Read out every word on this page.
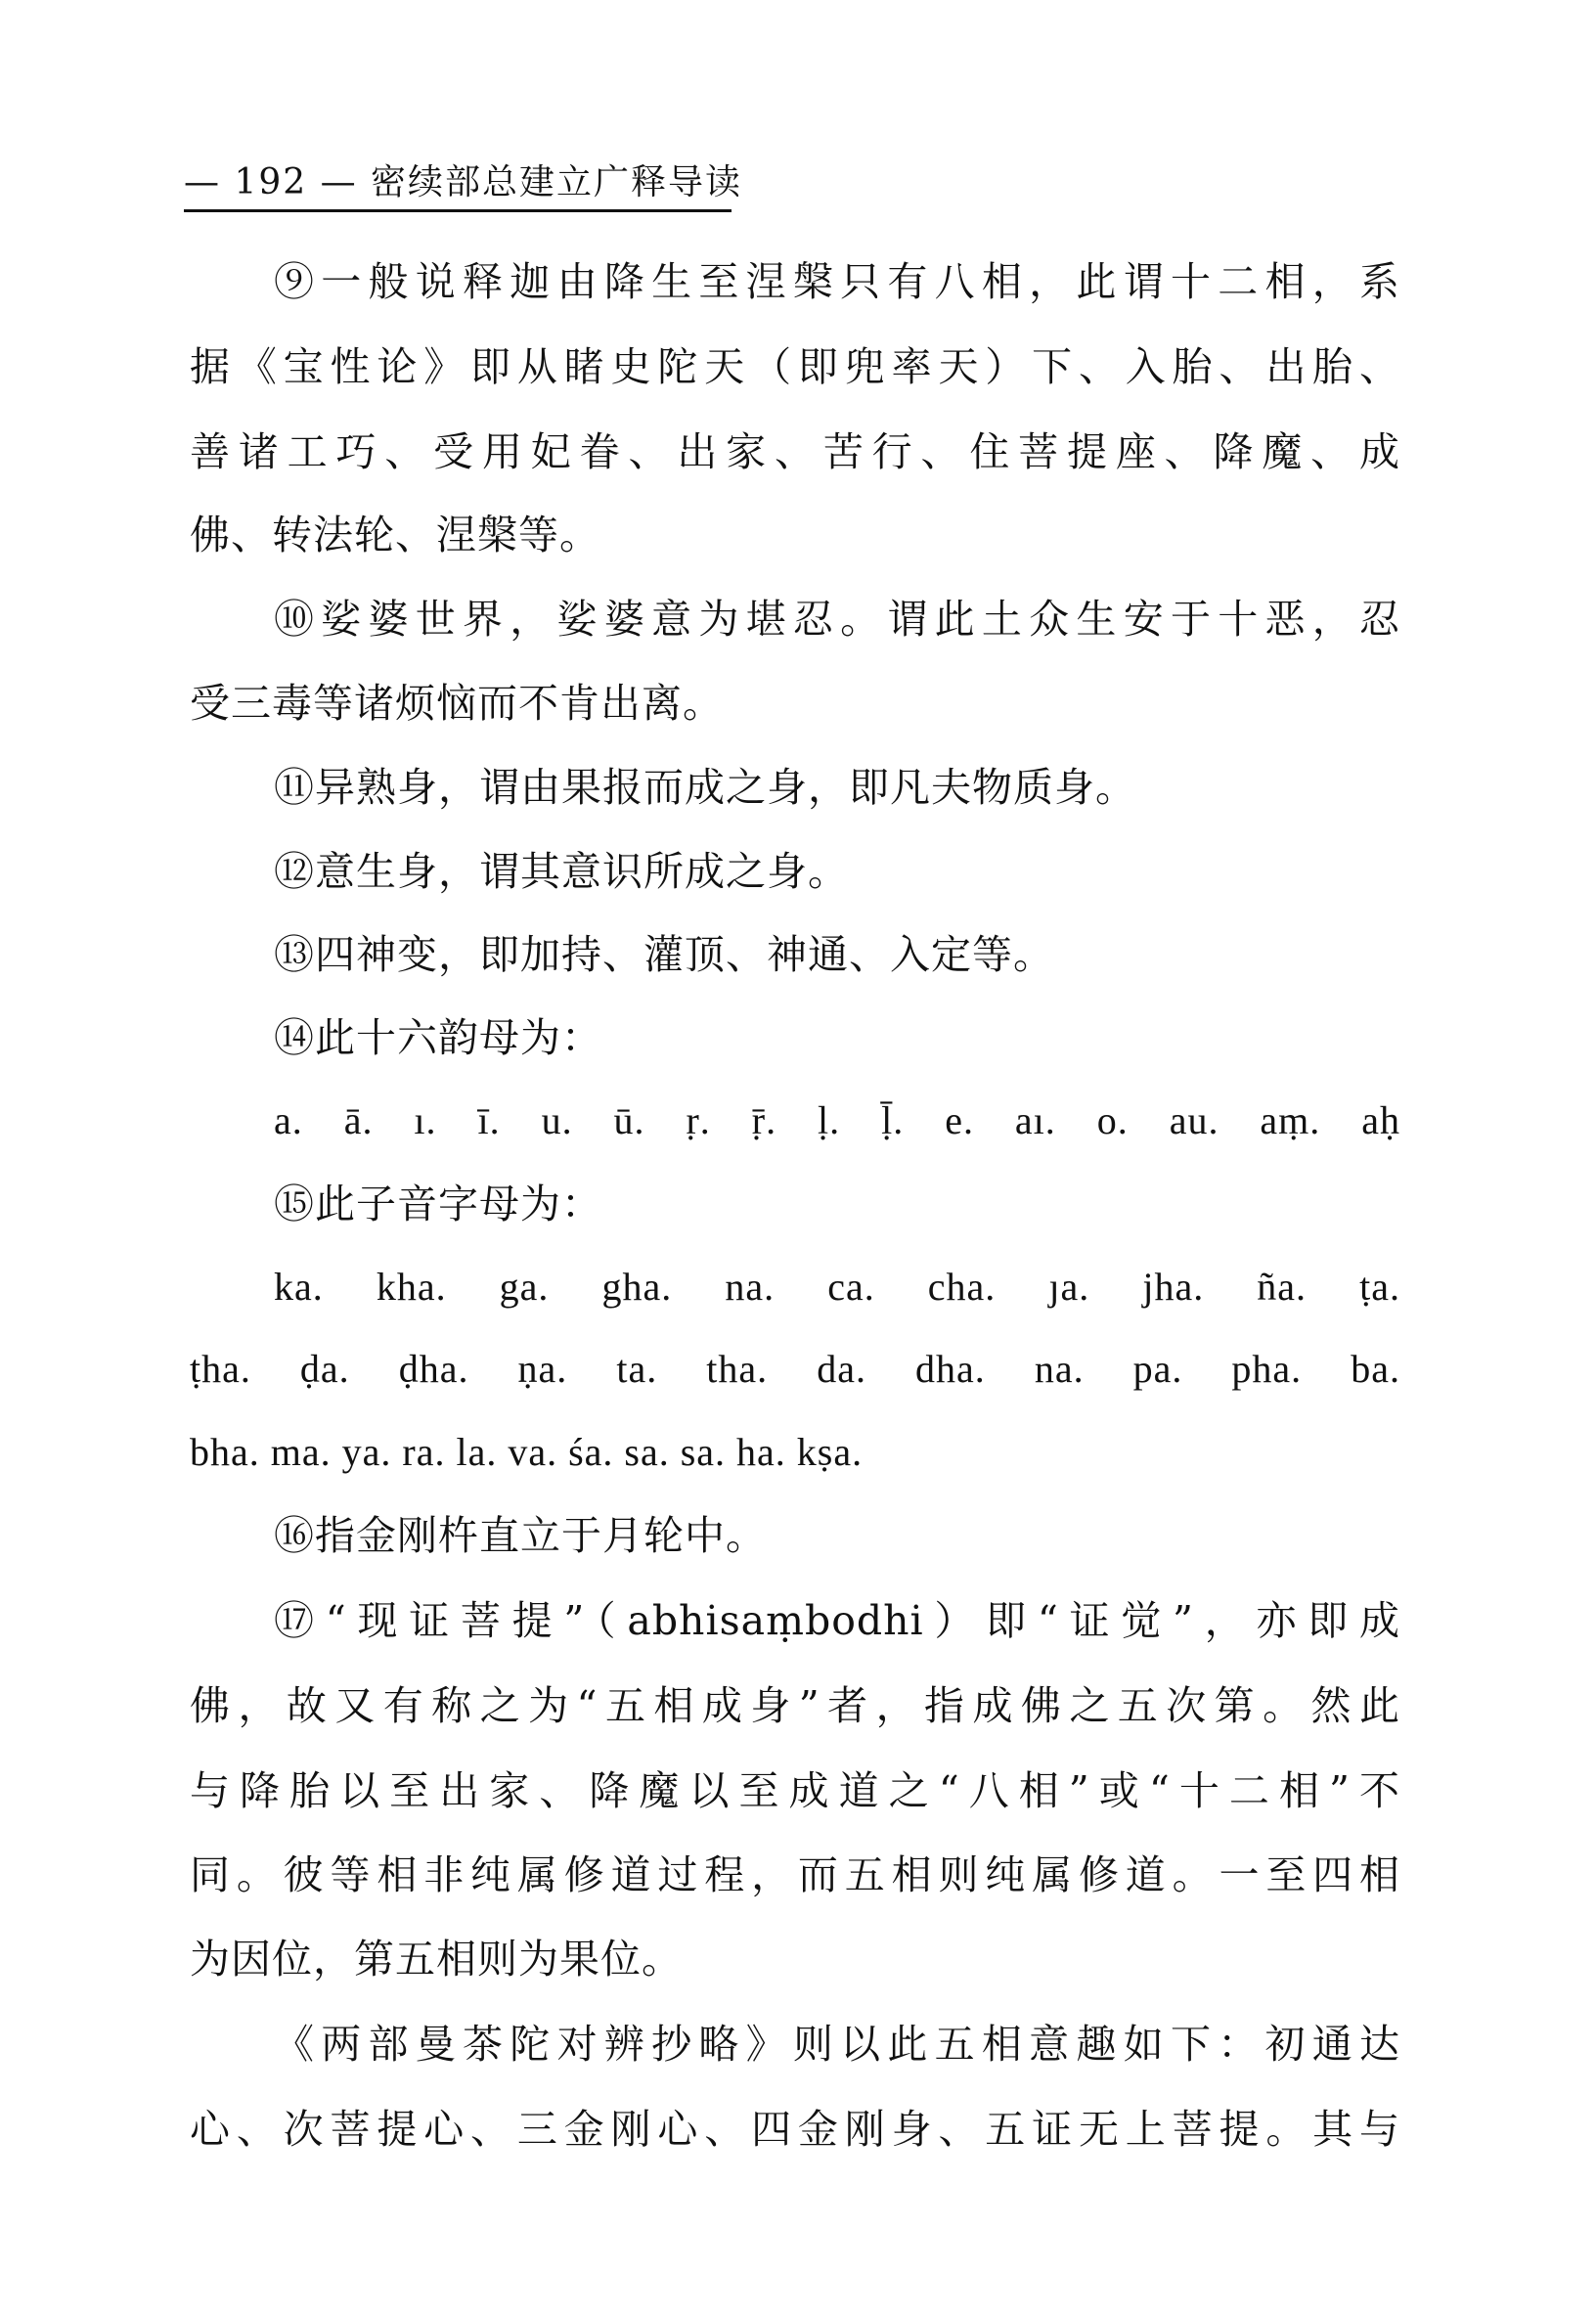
— 192 — 密续部总建立广释导读
⑨一般说释迦由降生至涅槃只有八相，此谓十二相，系
据《宝性论》即从睹史陀天（即兜率天）下、入胎、出胎、
善诸工巧、受用妃眷、出家、苦行、住菩提座、降魔、成
佛、转法轮、涅槃等。
⑩娑婆世界，娑婆意为堪忍。谓此土众生安于十恶，忍
受三毒等诸烦恼而不肯出离。
⑪异熟身，谓由果报而成之身，即凡夫物质身。
⑫意生身，谓其意识所成之身。
⑬四神变，即加持、灌顶、神通、入定等。
⑭此十六韵母为：
a. ā. ı. ī. u. ū. ṛ. ṝ. ḷ. ḹ. e. aı. o. au. aṃ. aḥ
⑮此子音字母为：
ka. kha. ga. gha. na. ca. cha. ȷa. jha. ña. ṭa.
ṭha. ḍa. ḍha. ṇa. ta. tha. da. dha. na. pa. pha. ba.
bha. ma. ya. ra. la. va. śa. sa. sa. ha. kṣa.
⑯指金刚杵直立于月轮中。
⑰“现证菩提”（abhisaṃbodhi）即“证觉”，亦即成
佛，故又有称之为“五相成身”者，指成佛之五次第。然此
与降胎以至出家、降魔以至成道之“八相”或“十二相”不
同。彼等相非纯属修道过程，而五相则纯属修道。一至四相
为因位，第五相则为果位。
《两部曼茶陀对辨抄略》则以此五相意趣如下：初通达
心、次菩提心、三金刚心、四金刚身、五证无上菩提。其与
